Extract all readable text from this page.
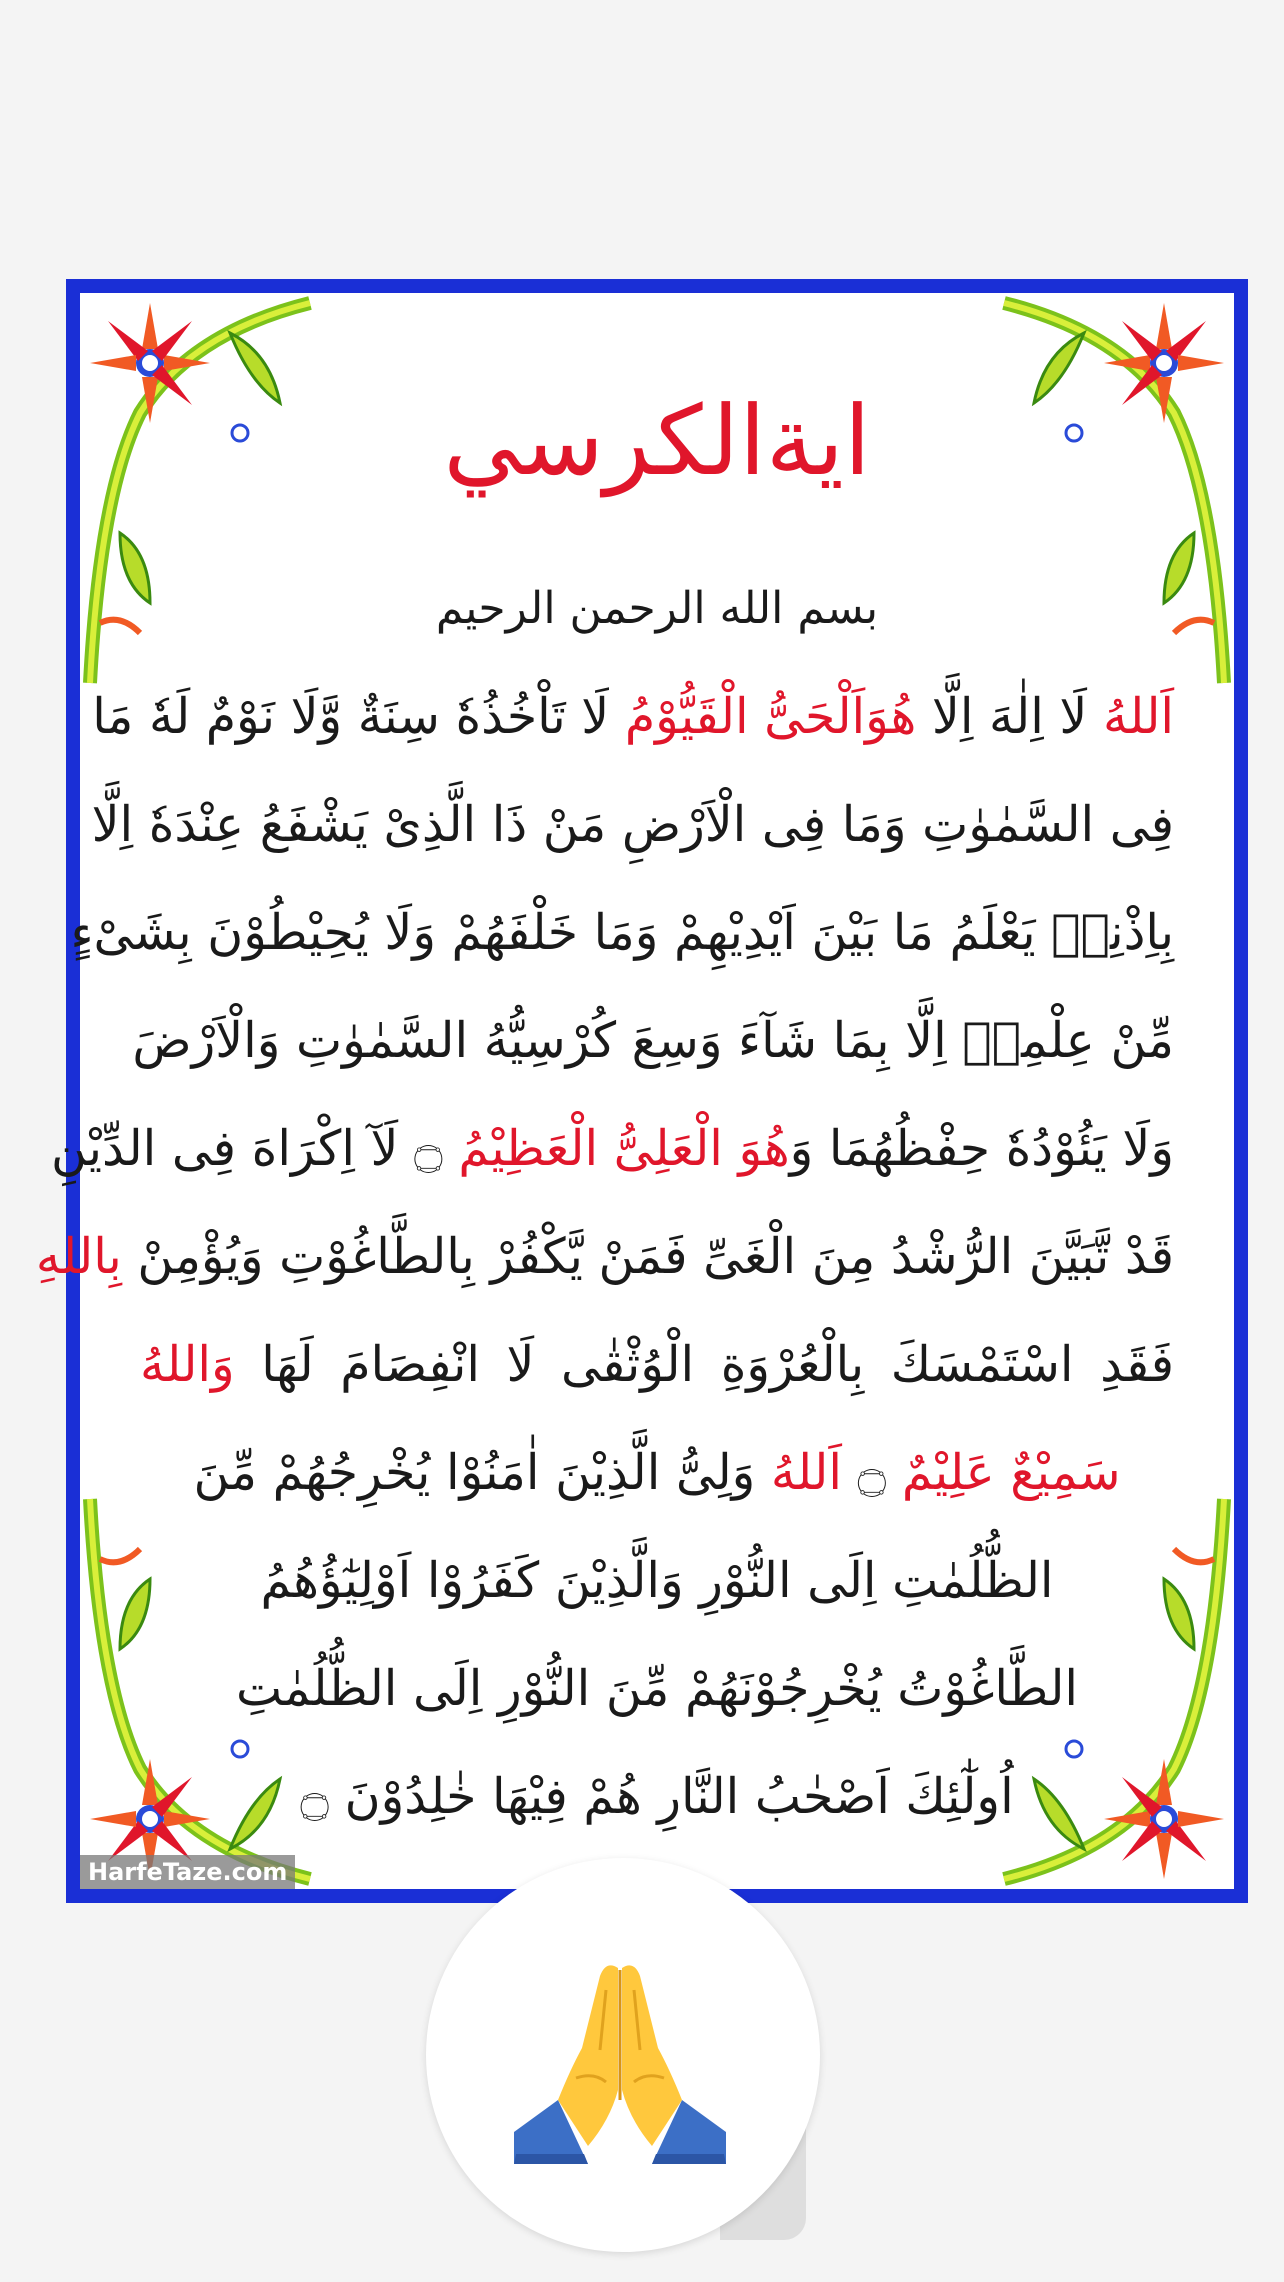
ايةالكرسي
بسم الله الرحمن الرحيم
اَللهُ لَا اِلٰهَ اِلَّا هُوَاَلْحَیُّ الْقَیُّوْمُ لَا تَاْخُذُهٗ سِنَةٌ وَّلَا نَوْمٌ لَهٗ مَا
فِی السَّمٰوٰتِ وَمَا فِی الْاَرْضِ مَنْ ذَا الَّذِیْ یَشْفَعُ عِنْدَهٗ اِلَّا
بِاِذْنِهٖ یَعْلَمُ مَا بَیْنَ اَیْدِیْهِمْ وَمَا خَلْفَهُمْ وَلَا یُحِیْطُوْنَ بِشَیْءٍ
مِّنْ عِلْمِهٖ اِلَّا بِمَا شَآءَ وَسِعَ كُرْسِیُّهُ السَّمٰوٰتِ وَالْاَرْضَ
وَلَا یَئُوْدُهٗ حِفْظُهُمَا وَهُوَ الْعَلِیُّ الْعَظِیْمُ ۝ لَآ اِكْرَاهَ فِی الدِّیْنِ
قَدْ تَّبَیَّنَ الرُّشْدُ مِنَ الْغَیِّ فَمَنْ یَّكْفُرْ بِالطَّاغُوْتِ وَیُؤْمِنْ بِاللهِ
فَقَدِ اسْتَمْسَكَ بِالْعُرْوَةِ الْوُثْقٰى لَا انْفِصَامَ لَهَا وَاللهُ
سَمِیْعٌ عَلِیْمٌ ۝ اَللهُ وَلِیُّ الَّذِیْنَ اٰمَنُوْا یُخْرِجُهُمْ مِّنَ
الظُّلُمٰتِ اِلَى النُّوْرِ وَالَّذِیْنَ كَفَرُوْا اَوْلِیٰٓؤُهُمُ
الطَّاغُوْتُ یُخْرِجُوْنَهُمْ مِّنَ النُّوْرِ اِلَى الظُّلُمٰتِ
اُولٰٓئِكَ اَصْحٰبُ النَّارِ هُمْ فِیْهَا خٰلِدُوْنَ ۝
HarfeTaze.com
